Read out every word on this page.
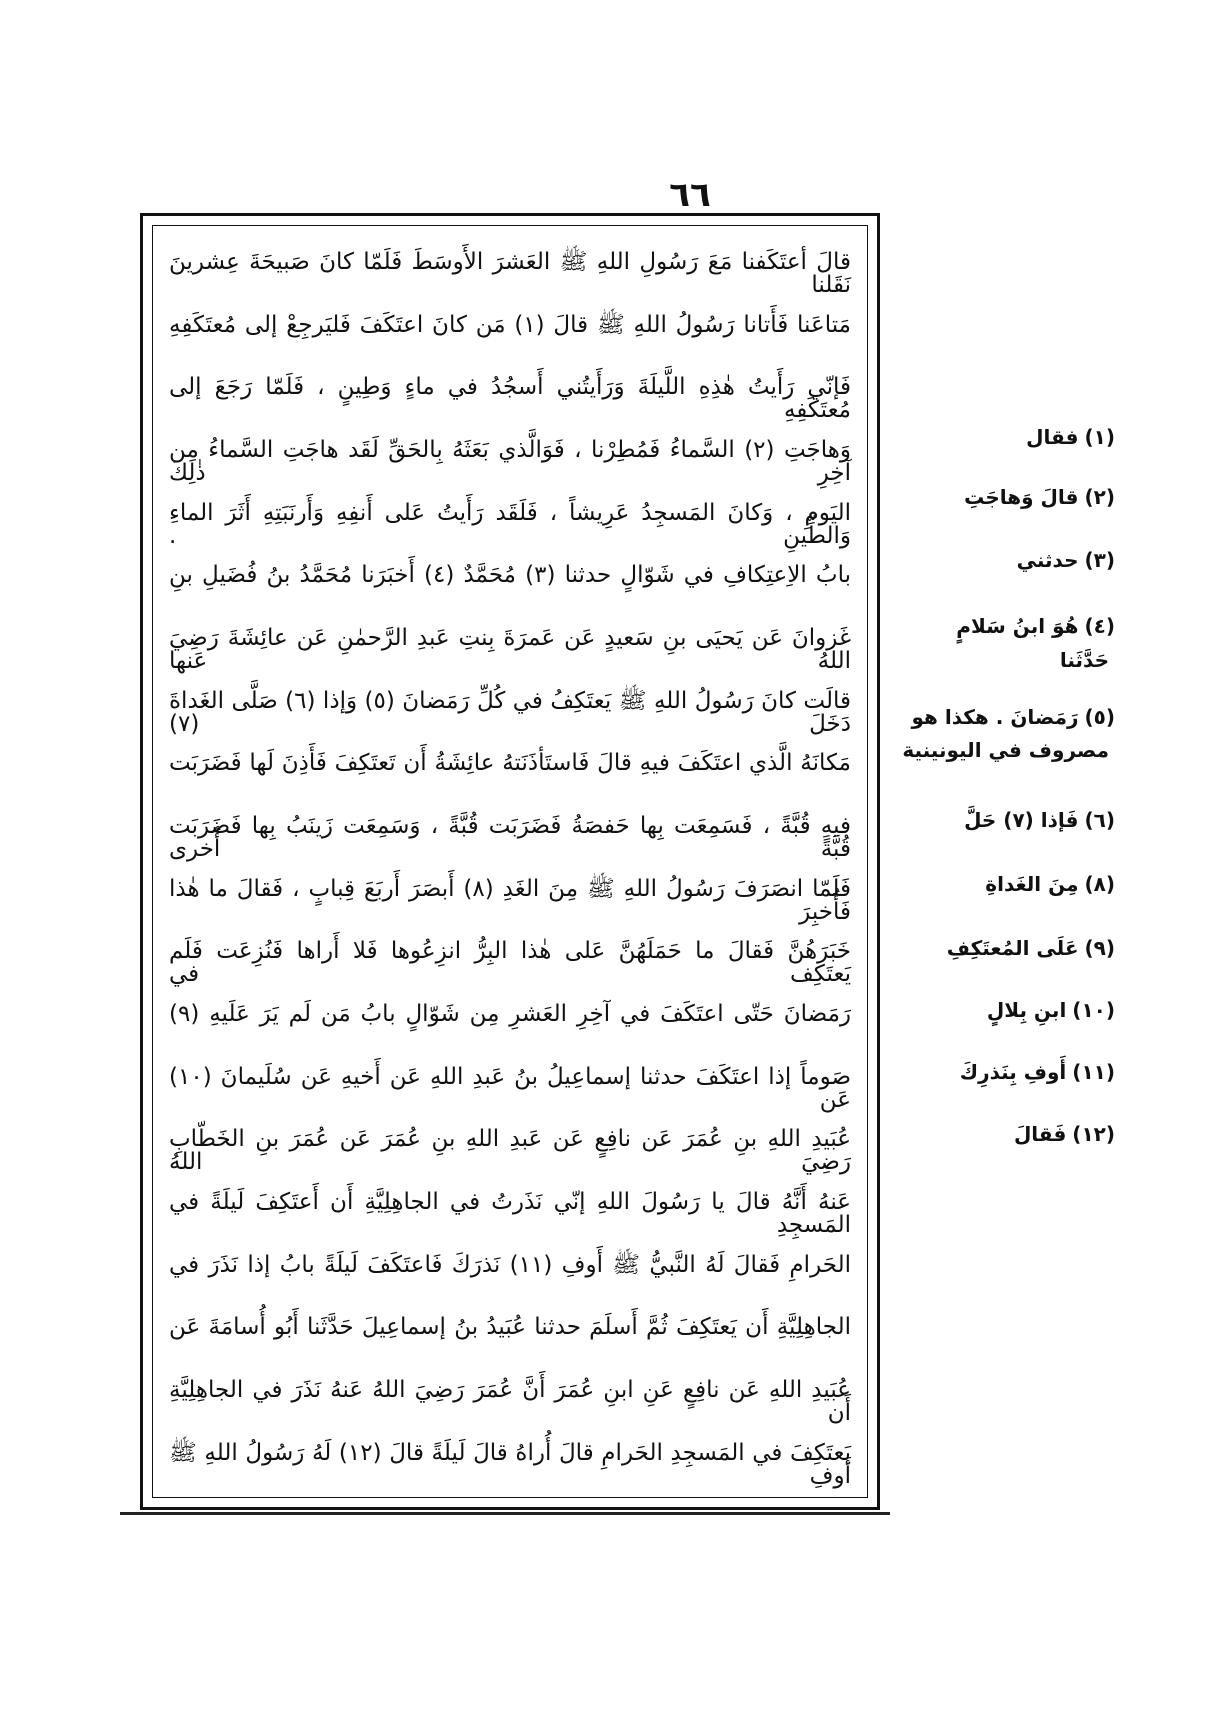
٦٦
قالَ أعتَكَفنا مَعَ رَسُولِ اللهِ ﷺ العَشرَ الأَوسَطَ فَلَمّا كانَ صَبيحَةَ عِشرينَ نَقَلنا
مَتاعَنا فَأَتانا رَسُولُ اللهِ ﷺ قالَ (١) مَن كانَ اعتَكَفَ فَليَرجِعْ إلى مُعتَكَفِهِ
فَإنّي رَأَيتُ هٰذِهِ اللَّيلَةَ وَرَأَيتُني أَسجُدُ في ماءٍ وَطِينٍ ، فَلَمّا رَجَعَ إلى مُعتَكَفِهِ
وَهاجَتِ (٢) السَّماءُ فَمُطِرْنا ، فَوَالَّذي بَعَثَهُ بِالحَقِّ لَقَد هاجَتِ السَّماءُ مِن آخِرِ ذٰلِكَ
اليَومِ ، وَكانَ المَسجِدُ عَرِيشاً ، فَلَقَد رَأَيتُ عَلى أَنفِهِ وَأَرنَبَتِهِ أَثَرَ الماءِ وَالطِّينِ .
بابُ الاِعتِكافِ في شَوّالٍ حدثنا (٣) مُحَمَّدٌ (٤) أَخبَرَنا مُحَمَّدُ بنُ فُضَيلِ بنِ
غَزوانَ عَن يَحيَى بنِ سَعيدٍ عَن عَمرَةَ بِنتِ عَبدِ الرَّحمٰنِ عَن عائِشَةَ رَضِيَ اللهُ عَنها
قالَت كانَ رَسُولُ اللهِ ﷺ يَعتَكِفُ في كُلِّ رَمَضانَ (٥) وَإذا (٦) صَلَّى الغَداةَ دَخَلَ (٧)
مَكانَهُ الَّذي اعتَكَفَ فيهِ قالَ فَاستَأذَنَتهُ عائِشَةُ أَن تَعتَكِفَ فَأَذِنَ لَها فَضَرَبَت
فيهِ قُبَّةً ، فَسَمِعَت بِها حَفصَةُ فَضَرَبَت قُبَّةً ، وَسَمِعَت زَينَبُ بِها فَضَرَبَت قُبَّةً أُخرى
فَلَمّا انصَرَفَ رَسُولُ اللهِ ﷺ مِنَ الغَدِ (٨) أَبصَرَ أَربَعَ قِبابٍ ، فَقالَ ما هٰذا فَأُخبِرَ
خَبَرَهُنَّ فَقالَ ما حَمَلَهُنَّ عَلى هٰذا البِرُّ انزِعُوها فَلا أَراها فَنُزِعَت فَلَم يَعتَكِف في
رَمَضانَ حَتّى اعتَكَفَ في آخِرِ العَشرِ مِن شَوّالٍ بابُ مَن لَم يَرَ عَلَيهِ (٩)
صَوماً إذا اعتَكَفَ حدثنا إسماعِيلُ بنُ عَبدِ اللهِ عَن أَخيهِ عَن سُلَيمانَ (١٠) عَن
عُبَيدِ اللهِ بنِ عُمَرَ عَن نافِعٍ عَن عَبدِ اللهِ بنِ عُمَرَ عَن عُمَرَ بنِ الخَطّابِ رَضِيَ اللهُ
عَنهُ أَنَّهُ قالَ يا رَسُولَ اللهِ إنّي نَذَرتُ في الجاهِلِيَّةِ أَن أَعتَكِفَ لَيلَةً في المَسجِدِ
الحَرامِ فَقالَ لَهُ النَّبيُّ ﷺ أَوفِ (١١) نَذرَكَ فَاعتَكَفَ لَيلَةً بابُ إذا نَذَرَ في
الجاهِلِيَّةِ أَن يَعتَكِفَ ثُمَّ أَسلَمَ حدثنا عُبَيدُ بنُ إسماعِيلَ حَدَّثَنا أَبُو أُسامَةَ عَن
عُبَيدِ اللهِ عَن نافِعٍ عَنِ ابنِ عُمَرَ أَنَّ عُمَرَ رَضِيَ اللهُ عَنهُ نَذَرَ في الجاهِلِيَّةِ أَن
يَعتَكِفَ في المَسجِدِ الحَرامِ قالَ أُراهُ قالَ لَيلَةً قالَ (١٢) لَهُ رَسُولُ اللهِ ﷺ أَوفِ
(١)فقال
(٢)قالَ وَهاجَتِ
(٣)حدثني
(٤)هُوَ ابنُ سَلامٍ
حَدَّثَنا
(٥)رَمَضانَ . هكذا هو
مصروف في اليونينية
(٦)فَإذا (٧) حَلَّ
(٨)مِنَ الغَداةِ
(٩)عَلَى المُعتَكِفِ
(١٠)ابنِ بِلالٍ
(١١)أَوفِ بِنَذرِكَ
(١٢)فَقالَ
